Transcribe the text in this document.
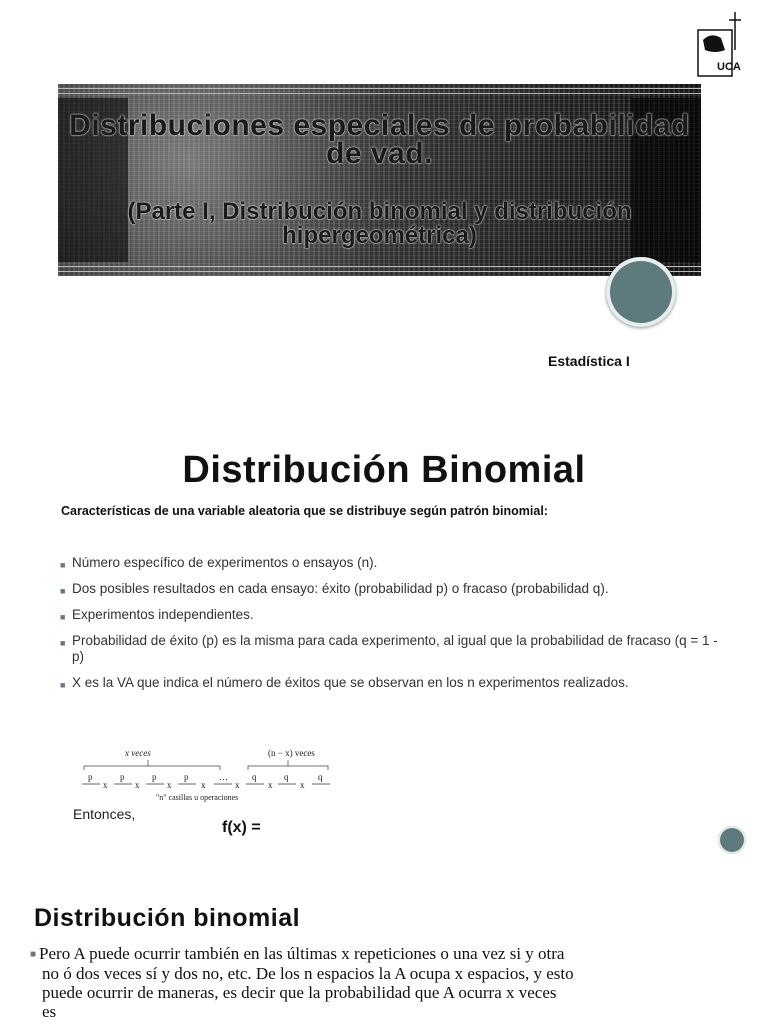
UCA
Distribuciones especiales de probabilidad de vad.
(Parte I, Distribución binomial y distribución hipergeométrica)
Estadística I
Distribución Binomial
Características de una variable aleatoria que se distribuye según patrón binomial:
■ Número específico de experimentos o ensayos (n).
■ Dos posibles resultados en cada ensayo: éxito (probabilidad p) o fracaso (probabilidad q).
■ Experimentos independientes.
■ Probabilidad de éxito (p) es la misma para cada experimento, al igual que la probabilidad de fracaso (q = 1 - p)
■ X es la VA que indica el número de éxitos que se observan en los n experimentos realizados.
x veces	(n − x) veces
p
x
p
x
p
x
p
x
…
x
q
x
q
x
q
"n" casillas u operaciones
Entonces,
f(x) =
Distribución binomial

■ Pero A puede ocurrir también en las últimas x repeticiones o una vez si y otra
no ó dos veces sí y dos no, etc. De los n espacios la A ocupa x espacios, y esto
puede ocurrir de maneras, es decir que la probabilidad que A ocurra x veces
es
